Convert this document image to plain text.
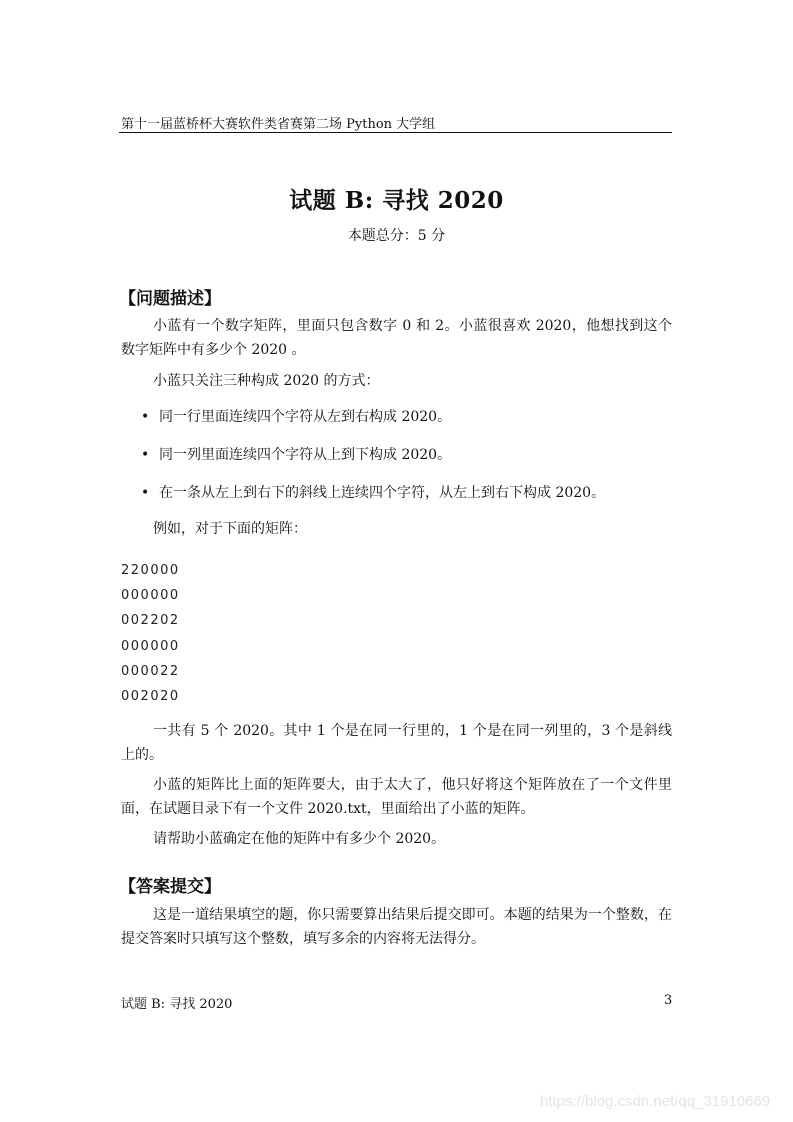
第十一届蓝桥杯大赛软件类省赛第二场 Python 大学组
试题 B: 寻找 2020
本题总分：5 分
【问题描述】
小蓝有一个数字矩阵，里面只包含数字 0 和 2。小蓝很喜欢 2020，他想找到这个数字矩阵中有多少个 2020 。
小蓝只关注三种构成 2020 的方式：
• 同一行里面连续四个字符从左到右构成 2020。
• 同一列里面连续四个字符从上到下构成 2020。
• 在一条从左上到右下的斜线上连续四个字符，从左上到右下构成 2020。
例如，对于下面的矩阵：
220000
000000
002202
000000
000022
002020
一共有 5 个 2020。其中 1 个是在同一行里的，1 个是在同一列里的，3 个是斜线上的。
小蓝的矩阵比上面的矩阵要大，由于太大了，他只好将这个矩阵放在了一个文件里面，在试题目录下有一个文件 2020.txt，里面给出了小蓝的矩阵。
请帮助小蓝确定在他的矩阵中有多少个 2020。
【答案提交】
这是一道结果填空的题，你只需要算出结果后提交即可。本题的结果为一个整数，在提交答案时只填写这个整数，填写多余的内容将无法得分。
试题 B: 寻找 2020	3
https://blog.csdn.net/qq_31910669
